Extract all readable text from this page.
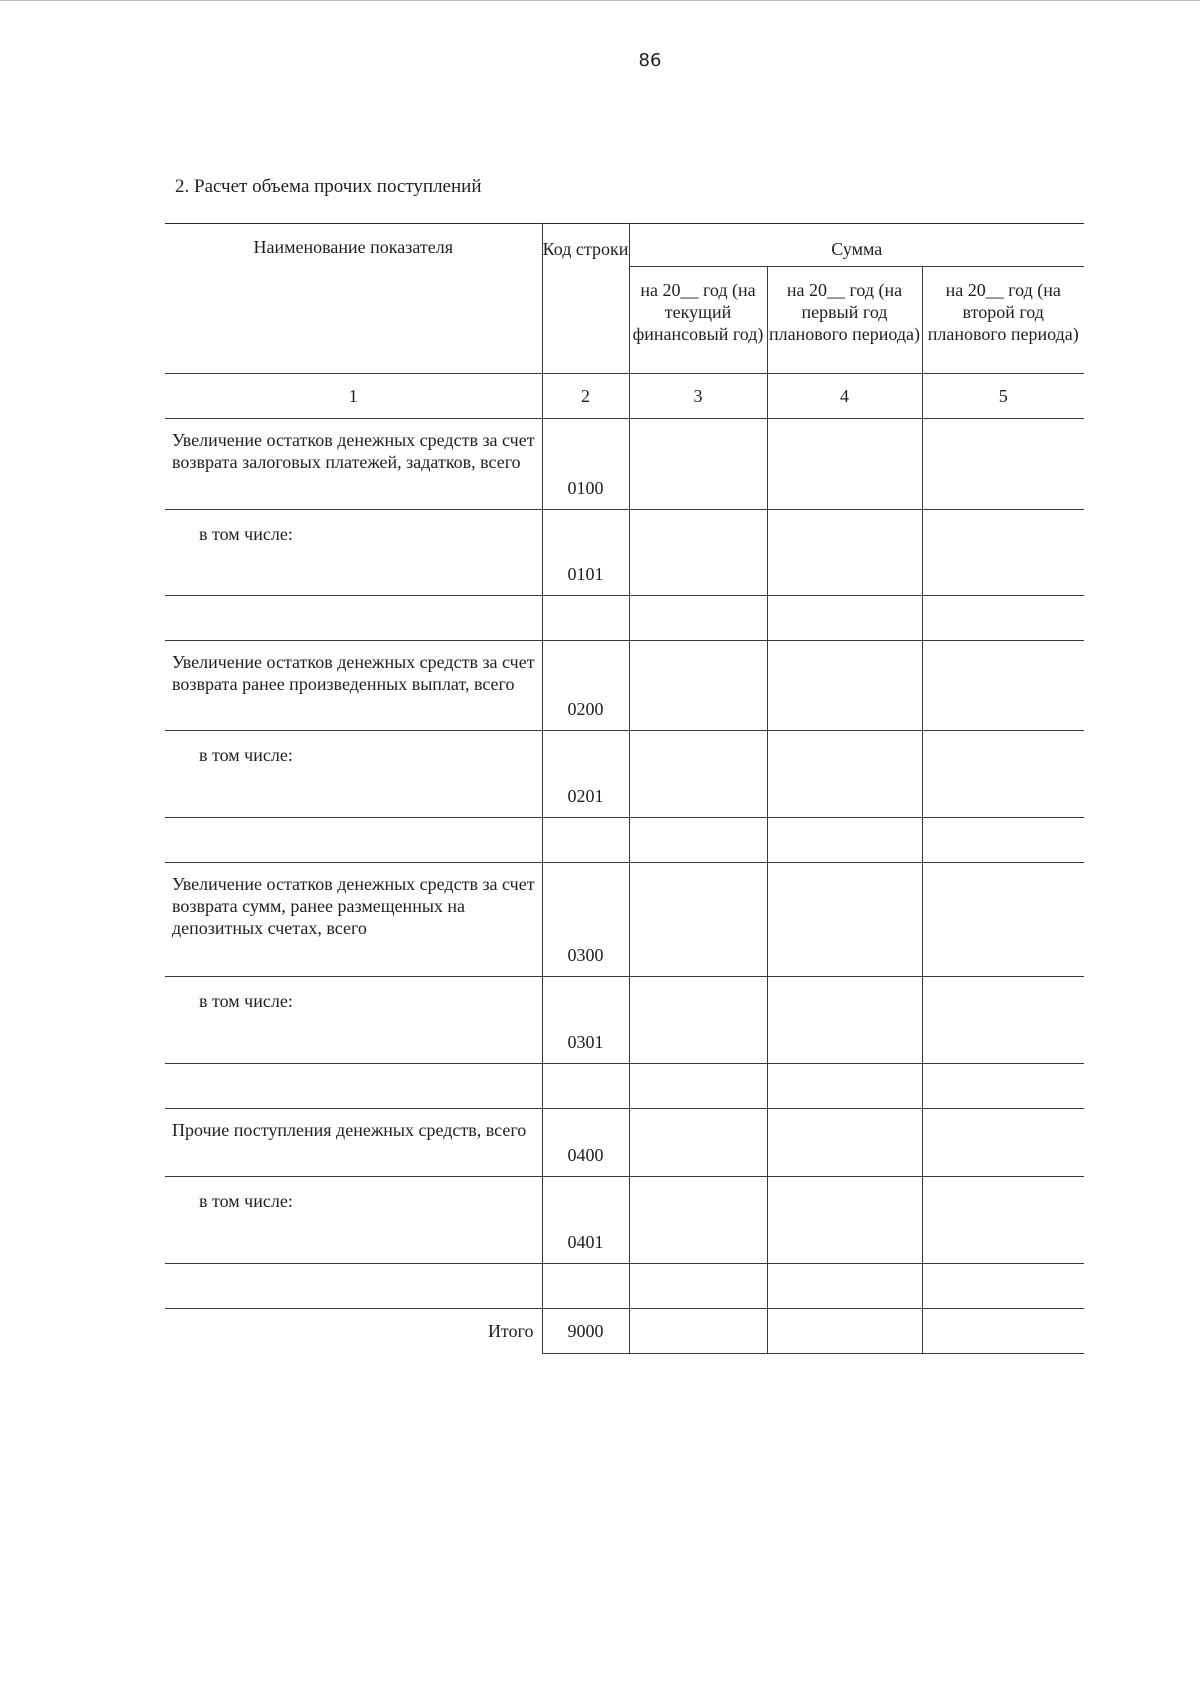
86
2. Расчет объема прочих поступлений
Наименование показателя	Код строки	Сумма		
		на 20__ год (на текущий финансовый год)	на 20__ год (на первый год планового периода)	на 20__ год (на второй год планового периода)
1	2	3	4	5
Увеличение остатков денежных средств за счет возврата залоговых платежей, задатков, всего	0100			
в том числе:	0101			

Увеличение остатков денежных средств за счет возврата ранее произведенных выплат, всего	0200			
в том числе:	0201			

Увеличение остатков денежных средств за счет возврата сумм, ранее размещенных на депозитных счетах, всего	0300			
в том числе:	0301			

Прочие поступления денежных средств, всего	0400			
в том числе:	0401			

Итого	9000			
